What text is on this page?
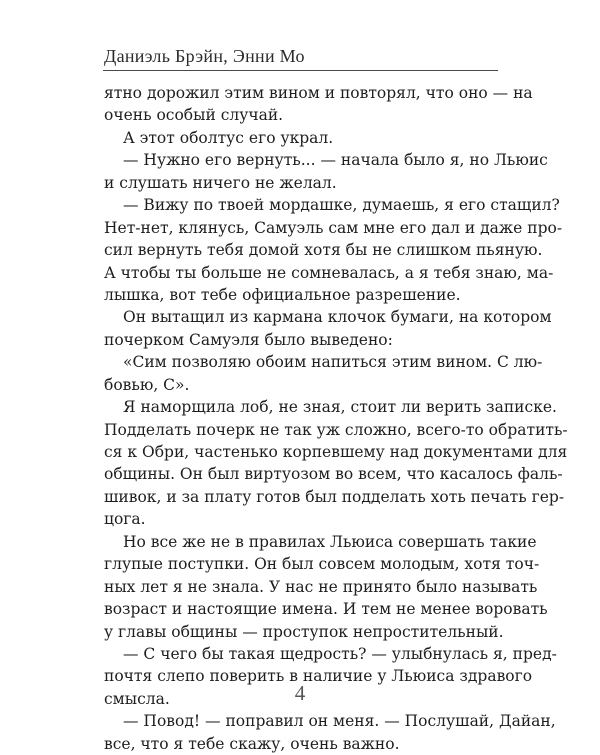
Даниэль Брэйн, Энни Мо
ятно дорожил этим вином и повторял, что оно — на
очень особый случай.
А этот оболтус его украл.
— Нужно его вернуть... — начала было я, но Льюис
и слушать ничего не желал.
— Вижу по твоей мордашке, думаешь, я его стащил?
Нет-нет, клянусь, Самуэль сам мне его дал и даже про-
сил вернуть тебя домой хотя бы не слишком пьяную.
А чтобы ты больше не сомневалась, а я тебя знаю, ма-
лышка, вот тебе официальное разрешение.
Он вытащил из кармана клочок бумаги, на котором
почерком Самуэля было выведено:
«Сим позволяю обоим напиться этим вином. С лю-
бовью, С».
Я наморщила лоб, не зная, стоит ли верить записке.
Подделать почерк не так уж сложно, всего-то обратить-
ся к Обри, частенько корпевшему над документами для
общины. Он был виртуозом во всем, что касалось фаль-
шивок, и за плату готов был подделать хоть печать гер-
цога.
Но все же не в правилах Льюиса совершать такие
глупые поступки. Он был совсем молодым, хотя точ-
ных лет я не знала. У нас не принято было называть
возраст и настоящие имена. И тем не менее воровать
у главы общины — проступок непростительный.
— С чего бы такая щедрость? — улыбнулась я, пред-
почтя слепо поверить в наличие у Льюиса здравого
смысла.
— Повод! — поправил он меня. — Послушай, Дайан,
все, что я тебе скажу, очень важно.
4
